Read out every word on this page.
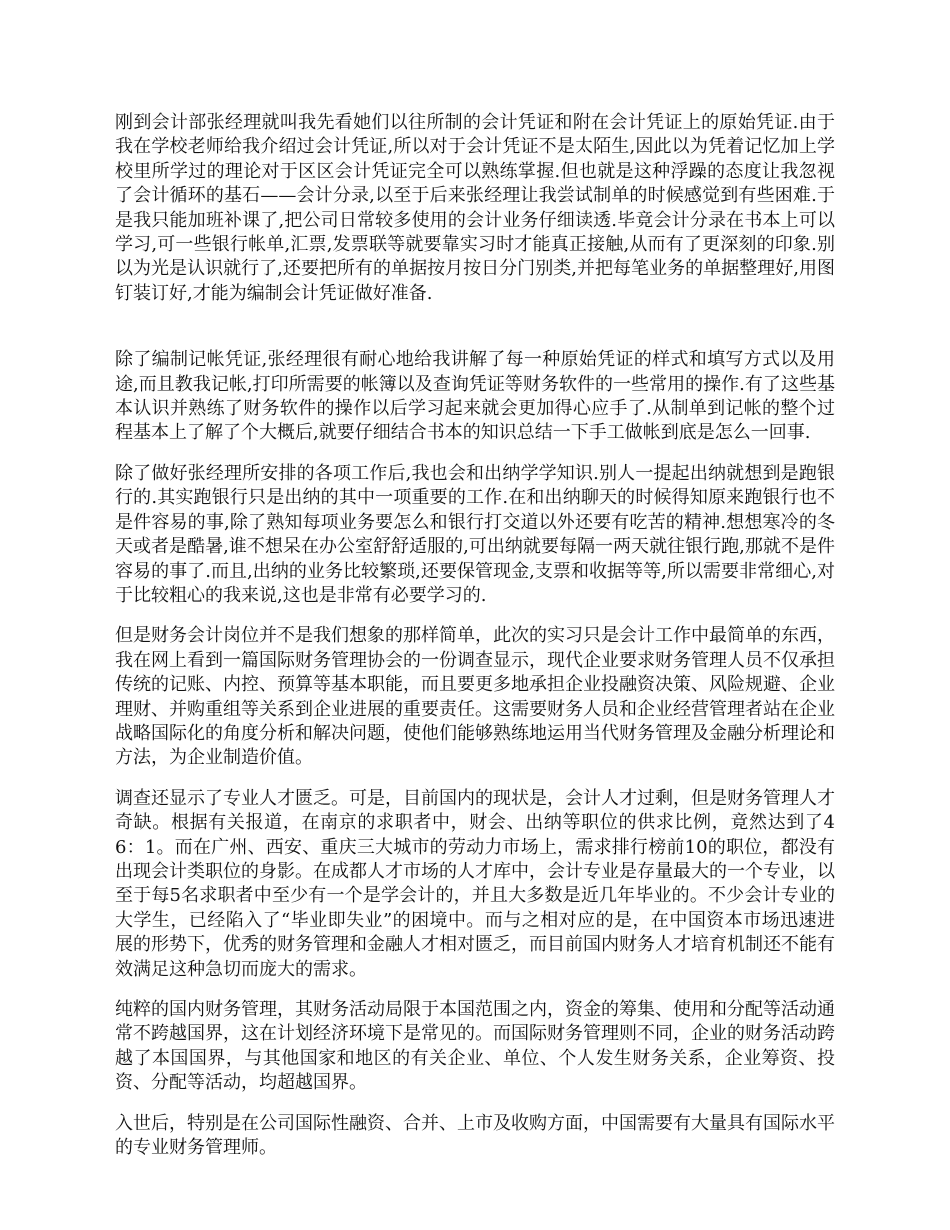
刚到会计部张经理就叫我先看她们以往所制的会计凭证和附在会计凭证上的原始凭证.由于我在学校老师给我介绍过会计凭证,所以对于会计凭证不是太陌生,因此以为凭着记忆加上学校里所学过的理论对于区区会计凭证完全可以熟练掌握.但也就是这种浮躁的态度让我忽视了会计循环的基石——会计分录,以至于后来张经理让我尝试制单的时候感觉到有些困难.于是我只能加班补课了,把公司日常较多使用的会计业务仔细读透.毕竟会计分录在书本上可以学习,可一些银行帐单,汇票,发票联等就要靠实习时才能真正接触,从而有了更深刻的印象.别以为光是认识就行了,还要把所有的单据按月按日分门别类,并把每笔业务的单据整理好,用图钉装订好,才能为编制会计凭证做好准备.

除了编制记帐凭证,张经理很有耐心地给我讲解了每一种原始凭证的样式和填写方式以及用途,而且教我记帐,打印所需要的帐簿以及查询凭证等财务软件的一些常用的操作.有了这些基本认识并熟练了财务软件的操作以后学习起来就会更加得心应手了.从制单到记帐的整个过程基本上了解了个大概后,就要仔细结合书本的知识总结一下手工做帐到底是怎么一回事.

除了做好张经理所安排的各项工作后,我也会和出纳学学知识.别人一提起出纳就想到是跑银行的.其实跑银行只是出纳的其中一项重要的工作.在和出纳聊天的时候得知原来跑银行也不是件容易的事,除了熟知每项业务要怎么和银行打交道以外还要有吃苦的精神.想想寒冷的冬天或者是酷暑,谁不想呆在办公室舒舒适服的,可出纳就要每隔一两天就往银行跑,那就不是件容易的事了.而且,出纳的业务比较繁琐,还要保管现金,支票和收据等等,所以需要非常细心,对于比较粗心的我来说,这也是非常有必要学习的.

但是财务会计岗位并不是我们想象的那样简单，此次的实习只是会计工作中最简单的东西，我在网上看到一篇国际财务管理协会的一份调查显示，现代企业要求财务管理人员不仅承担传统的记账、内控、预算等基本职能，而且要更多地承担企业投融资决策、风险规避、企业理财、并购重组等关系到企业进展的重要责任。这需要财务人员和企业经营管理者站在企业战略国际化的角度分析和解决问题，使他们能够熟练地运用当代财务管理及金融分析理论和方法，为企业制造价值。

调查还显示了专业人才匮乏。可是，目前国内的现状是，会计人才过剩，但是财务管理人才奇缺。根据有关报道，在南京的求职者中，财会、出纳等职位的供求比例，竟然达到了46：1。而在广州、西安、重庆三大城市的劳动力市场上，需求排行榜前10的职位，都没有出现会计类职位的身影。在成都人才市场的人才库中，会计专业是存量最大的一个专业，以至于每5名求职者中至少有一个是学会计的，并且大多数是近几年毕业的。不少会计专业的大学生，已经陷入了“毕业即失业”的困境中。而与之相对应的是，在中国资本市场迅速进展的形势下，优秀的财务管理和金融人才相对匮乏，而目前国内财务人才培育机制还不能有效满足这种急切而庞大的需求。

纯粹的国内财务管理，其财务活动局限于本国范围之内，资金的筹集、使用和分配等活动通常不跨越国界，这在计划经济环境下是常见的。而国际财务管理则不同，企业的财务活动跨越了本国国界，与其他国家和地区的有关企业、单位、个人发生财务关系，企业筹资、投资、分配等活动，均超越国界。

入世后，特别是在公司国际性融资、合并、上市及收购方面，中国需要有大量具有国际水平的专业财务管理师。
